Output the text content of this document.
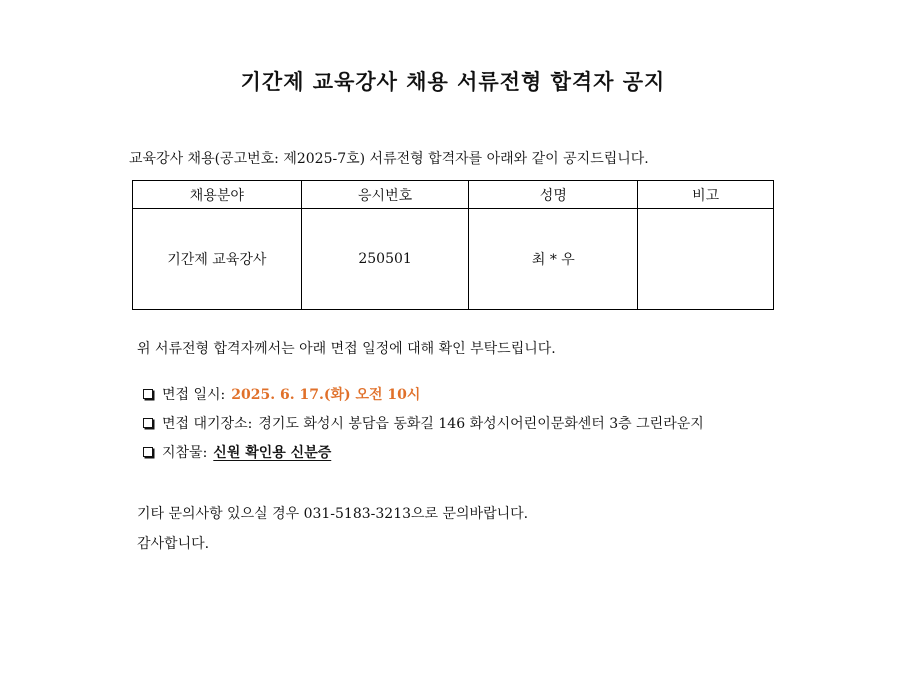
기간제 교육강사 채용 서류전형 합격자 공지
교육강사 채용(공고번호: 제2025-7호) 서류전형 합격자를 아래와 같이 공지드립니다.
채용분야	응시번호	성명	비고
기간제 교육강사	250501	최 * 우	
위 서류전형 합격자께서는 아래 면접 일정에 대해 확인 부탁드립니다.
면접 일시: 2025. 6. 17.(화) 오전 10시
면접 대기장소: 경기도 화성시 봉담읍 동화길 146 화성시어린이문화센터 3층 그린라운지
지참물: 신원 확인용 신분증
기타 문의사항 있으실 경우 031-5183-3213으로 문의바랍니다.
감사합니다.
